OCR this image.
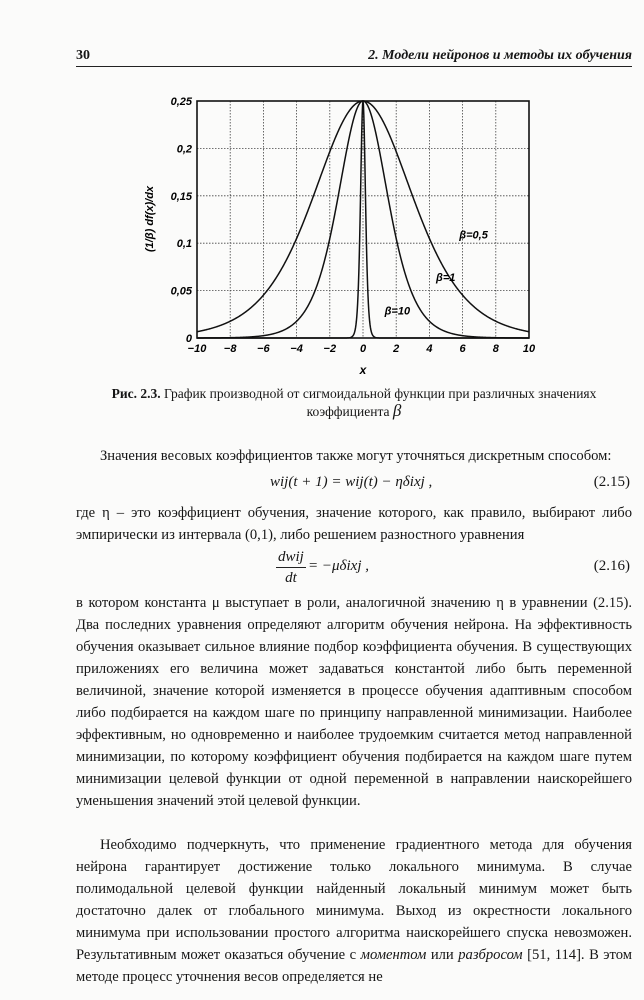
30	2. Модели нейронов и методы их обучения
0
0,05
0,1
0,15
0,2
0,25
−10 −8 −6 −4 −2 0 2 4 6 8 10
β=0,5
β=1
β=10
x
(1/β) df(x)/dx
Рис. 2.3. График производной от сигмоидальной функции при различных значениях коэффициента β

Значения весовых коэффициентов также могут уточняться дискретным способом:

wij(t + 1) = wij(t) − ηδixj ,	(2.15)

где η – это коэффициент обучения, значение которого, как правило, выбирают либо эмпирически из интервала (0,1), либо решением разностного уравнения

dwij
dt
= −μδixj ,	(2.16)

в котором константа μ выступает в роли, аналогичной значению η в уравнении (2.15). Два последних уравнения определяют алгоритм обучения нейрона. На эффективность обучения оказывает сильное влияние подбор коэффициента обучения. В существующих приложениях его величина может задаваться константой либо быть переменной величиной, значение которой изменяется в процессе обучения адаптивным способом либо подбирается на каждом шаге по принципу направленной минимизации. Наиболее эффективным, но одновременно и наиболее трудоемким считается метод направленной минимизации, по которому коэффициент обучения подбирается на каждом шаге путем минимизации целевой функции от одной переменной в направлении наискорейшего уменьшения значений этой целевой функции.

Необходимо подчеркнуть, что применение градиентного метода для обучения нейрона гарантирует достижение только локального минимума. В случае полимодальной целевой функции найденный локальный минимум может быть достаточно далек от глобального минимума. Выход из окрестности локального минимума при использовании простого алгоритма наискорейшего спуска невозможен. Результативным может оказаться обучение с моментом или разбросом [51, 114]. В этом методе процесс уточнения весов определяется не
